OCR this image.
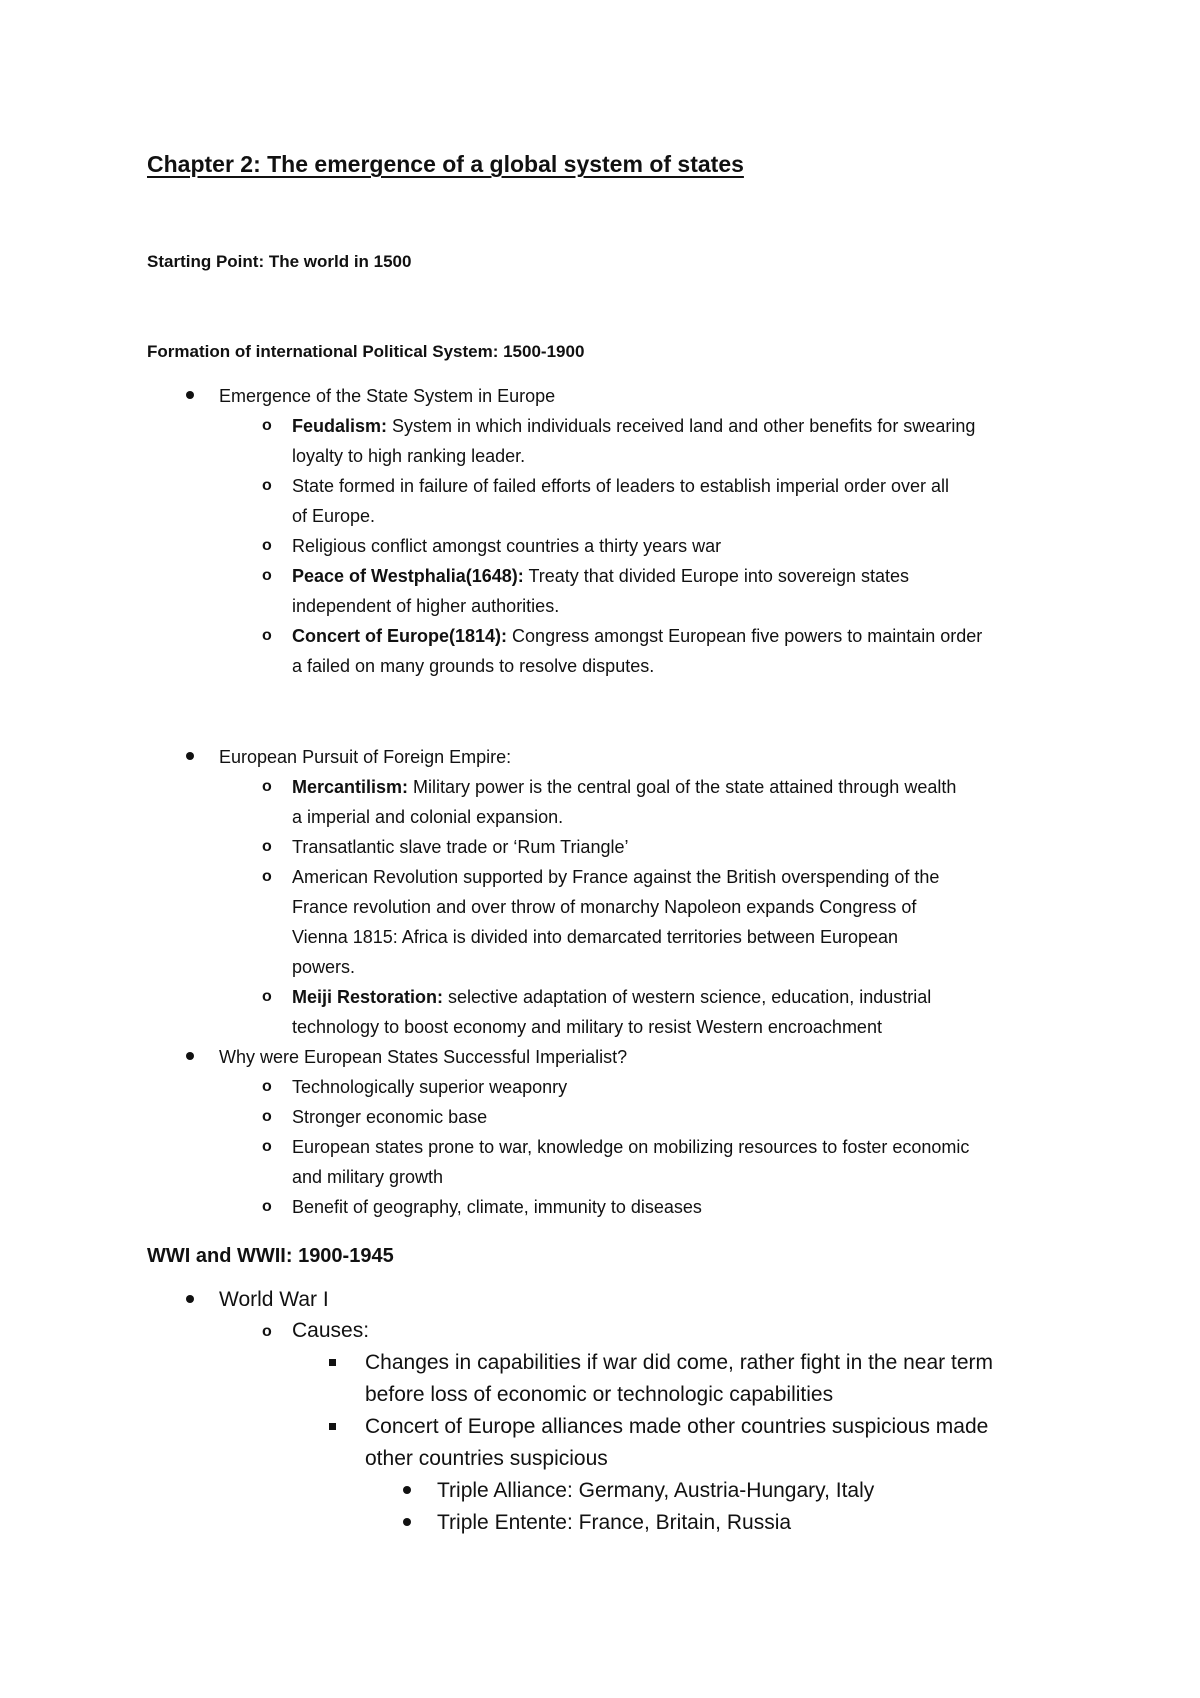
Chapter 2: The emergence of a global system of states
Starting Point: The world in 1500
Formation of international Political System: 1500-1900
Emergence of the State System in Europe
o Feudalism: System in which individuals received land and other benefits for swearing
loyalty to high ranking leader.
o State formed in failure of failed efforts of leaders to establish imperial order over all
of Europe.
o Religious conflict amongst countries a thirty years war
o Peace of Westphalia(1648): Treaty that divided Europe into sovereign states
independent of higher authorities.
o Concert of Europe(1814): Congress amongst European five powers to maintain order
a failed on many grounds to resolve disputes.
European Pursuit of Foreign Empire:
o Mercantilism: Military power is the central goal of the state attained through wealth
a imperial and colonial expansion.
o Transatlantic slave trade or ‘Rum Triangle’
o American Revolution supported by France against the British overspending of the
France revolution and over throw of monarchy Napoleon expands Congress of
Vienna 1815: Africa is divided into demarcated territories between European
powers.
o Meiji Restoration: selective adaptation of western science, education, industrial
technology to boost economy and military to resist Western encroachment
Why were European States Successful Imperialist?
o Technologically superior weaponry
o Stronger economic base
o European states prone to war, knowledge on mobilizing resources to foster economic
and military growth
o Benefit of geography, climate, immunity to diseases
WWI and WWII: 1900-1945
World War I
o Causes:
Changes in capabilities if war did come, rather fight in the near term
before loss of economic or technologic capabilities
Concert of Europe alliances made other countries suspicious made
other countries suspicious
Triple Alliance: Germany, Austria-Hungary, Italy
Triple Entente: France, Britain, Russia
